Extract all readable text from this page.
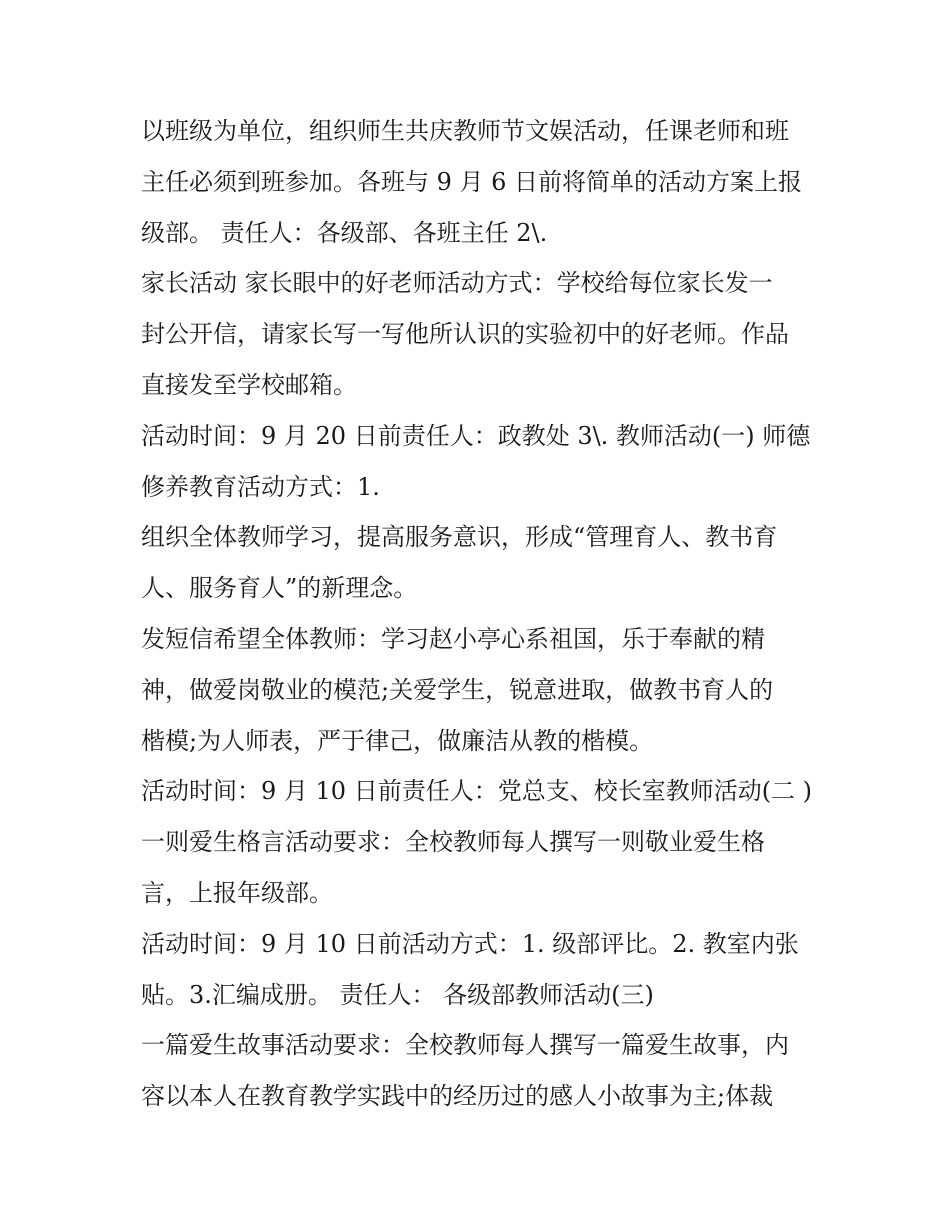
以班级为单位，组织师生共庆教师节文娱活动，任课老师和班
主任必须到班参加。各班与 9 月 6 日前将简单的活动方案上报
级部。 责任人：各级部、各班主任 2\.
家长活动 家长眼中的好老师活动方式：学校给每位家长发一
封公开信，请家长写一写他所认识的实验初中的好老师。作品
直接发至学校邮箱。
活动时间：9 月 20 日前责任人：政教处 3\. 教师活动(一) 师德
修养教育活动方式：1.
组织全体教师学习，提高服务意识，形成“管理育人、教书育
人、服务育人”的新理念。
发短信希望全体教师：学习赵小亭心系祖国，乐于奉献的精
神，做爱岗敬业的模范;关爱学生，锐意进取，做教书育人的
楷模;为人师表，严于律己，做廉洁从教的楷模。
活动时间：9 月 10 日前责任人：党总支、校长室教师活动(二 )
一则爱生格言活动要求：全校教师每人撰写一则敬业爱生格
言，上报年级部。
活动时间：9 月 10 日前活动方式：1. 级部评比。2. 教室内张
贴。3.汇编成册。 责任人： 各级部教师活动(三)
一篇爱生故事活动要求：全校教师每人撰写一篇爱生故事，内
容以本人在教育教学实践中的经历过的感人小故事为主;体裁
